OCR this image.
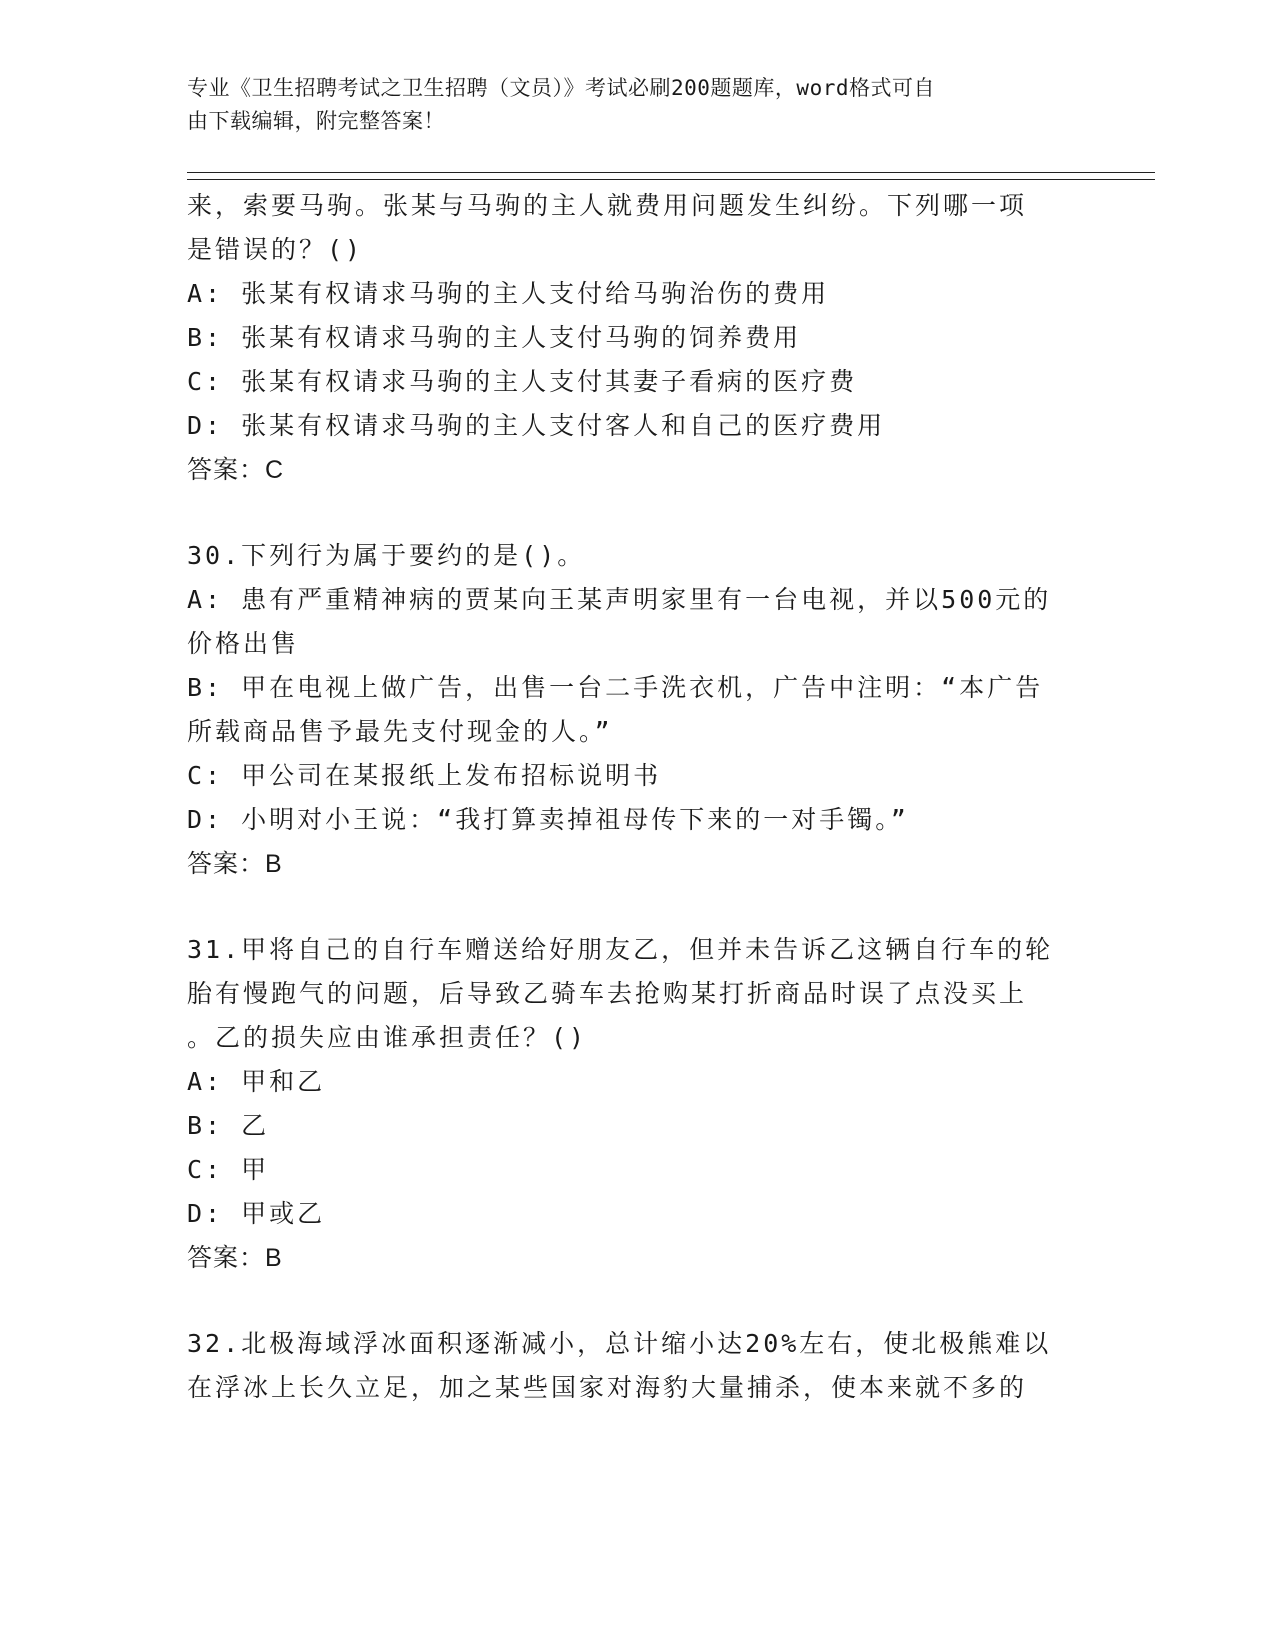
专业《卫生招聘考试之卫生招聘（文员）》考试必刷200题题库，word格式可自
由下载编辑，附完整答案！
来，索要马驹。张某与马驹的主人就费用问题发生纠纷。下列哪一项
是错误的？()
A: 张某有权请求马驹的主人支付给马驹治伤的费用
B: 张某有权请求马驹的主人支付马驹的饲养费用
C: 张某有权请求马驹的主人支付其妻子看病的医疗费
D: 张某有权请求马驹的主人支付客人和自己的医疗费用
答案：C
30.下列行为属于要约的是()。
A: 患有严重精神病的贾某向王某声明家里有一台电视，并以500元的
价格出售
B: 甲在电视上做广告，出售一台二手洗衣机，广告中注明：“本广告
所载商品售予最先支付现金的人。”
C: 甲公司在某报纸上发布招标说明书
D: 小明对小王说：“我打算卖掉祖母传下来的一对手镯。”
答案：B
31.甲将自己的自行车赠送给好朋友乙，但并未告诉乙这辆自行车的轮
胎有慢跑气的问题，后导致乙骑车去抢购某打折商品时误了点没买上
。乙的损失应由谁承担责任？()
A: 甲和乙
B: 乙
C: 甲
D: 甲或乙
答案：B
32.北极海域浮冰面积逐渐减小，总计缩小达20%左右，使北极熊难以
在浮冰上长久立足，加之某些国家对海豹大量捕杀，使本来就不多的
